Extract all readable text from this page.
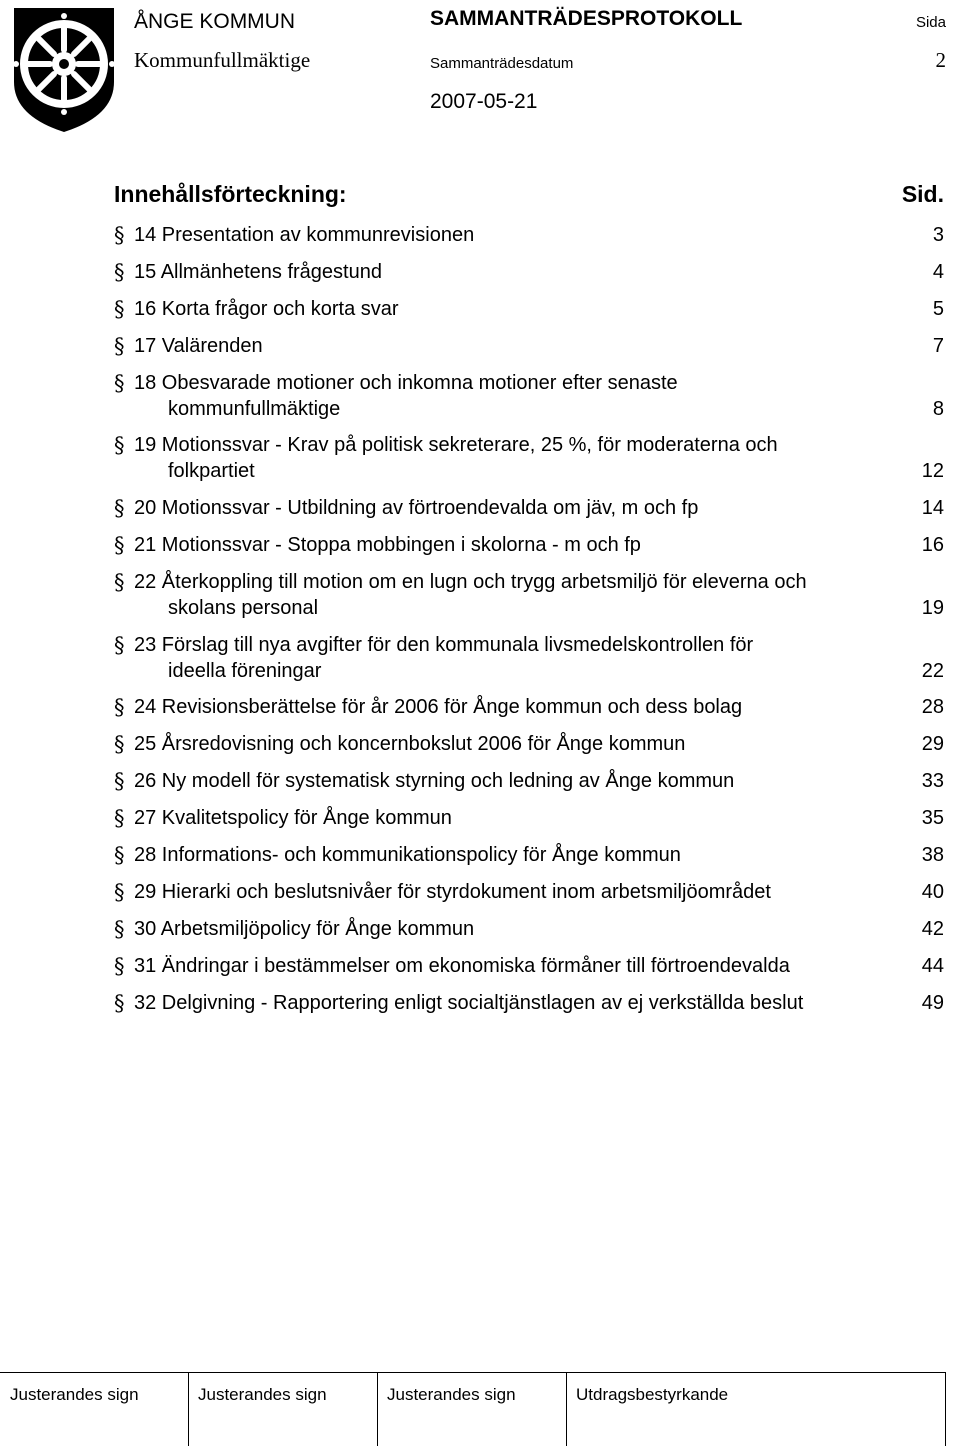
ÅNGE KOMMUN
Kommunfullmäktige
SAMMANTRÄDESPROTOKOLL
Sammanträdesdatum
2007-05-21
Sida
2
Innehållsförteckning:	Sid.
§ 14 Presentation av kommunrevisionen	3
§ 15 Allmänhetens frågestund	4
§ 16 Korta frågor och korta svar	5
§ 17 Valärenden	7
§ 18 Obesvarade motioner och inkomna motioner efter senaste
kommunfullmäktige	8
§ 19 Motionssvar - Krav på politisk sekreterare, 25 %, för moderaterna och
folkpartiet	12
§ 20 Motionssvar - Utbildning av förtroendevalda om jäv, m och fp	14
§ 21 Motionssvar - Stoppa mobbingen i skolorna - m och fp	16
§ 22 Återkoppling till motion om en lugn och trygg arbetsmiljö för eleverna och
skolans personal	19
§ 23 Förslag till nya avgifter för den kommunala livsmedelskontrollen för
ideella föreningar	22
§ 24 Revisionsberättelse för år 2006 för Ånge kommun och dess bolag	28
§ 25 Årsredovisning och koncernbokslut 2006 för Ånge kommun	29
§ 26 Ny modell för systematisk styrning och ledning av Ånge kommun	33
§ 27 Kvalitetspolicy för Ånge kommun	35
§ 28 Informations- och kommunikationspolicy för Ånge kommun	38
§ 29 Hierarki och beslutsnivåer för styrdokument inom arbetsmiljöområdet	40
§ 30 Arbetsmiljöpolicy för Ånge kommun	42
§ 31 Ändringar i bestämmelser om ekonomiska förmåner till förtroendevalda	44
§ 32 Delgivning - Rapportering enligt socialtjänstlagen av ej verkställda beslut	49
Justerandes sign	Justerandes sign	Justerandes sign	Utdragsbestyrkande
